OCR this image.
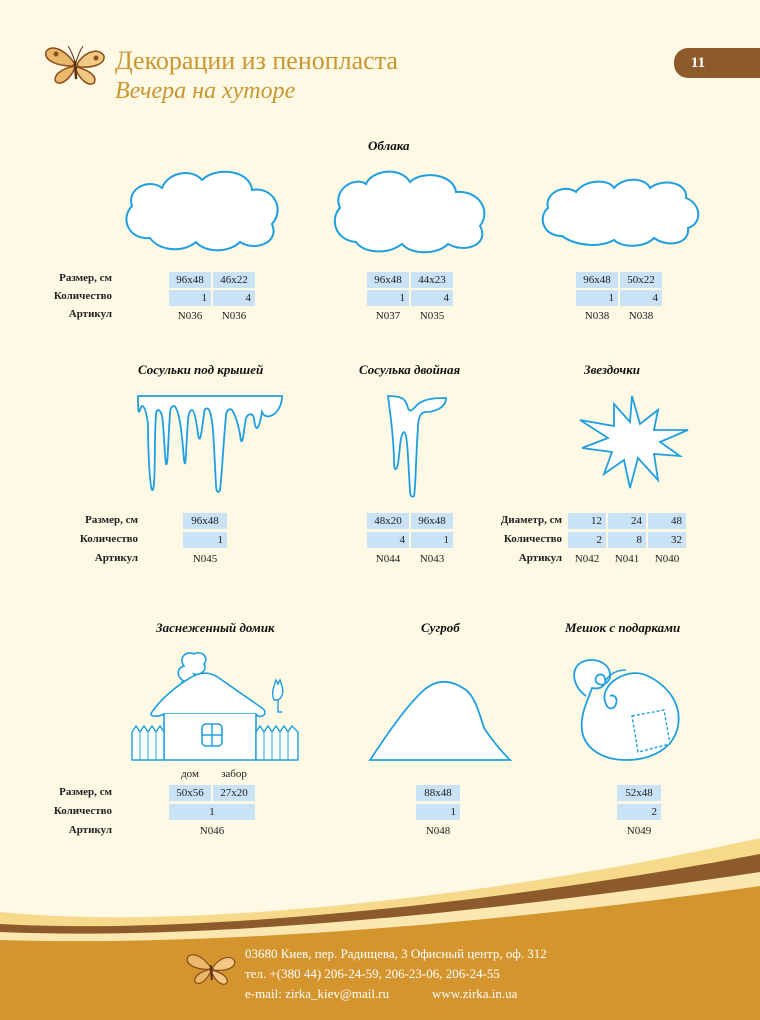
Декорации из пенопласта
Вечера на хуторе
11
Облака
Размер, см
Количество
Артикул
96x48	46x22
1	4
N036	N036
96x48	44x23
1	4
N037	N035
96x48	50x22
1	4
N038	N038
Сосульки под крышей	Сосулька двойная	Звездочки
Размер, см
Количество
Артикул
96x48
1
N045
48x20	96x48
4	1
N044	N043
Диаметр, см
Количество
Артикул
12	24	48
2	8	32
N042	N041	N040
Заснеженный домик	Сугроб	Мешок с подарками
дом	забор
Размер, см
Количество
Артикул
50x56	27x20
1
N046
88x48
1
N048
52x48
2
N049
03680 Киев, пер. Радищева, 3 Офисный центр, оф. 312
тел. +(380 44) 206-24-59, 206-23-06, 206-24-55
e-mail: zirka_kiev@mail.ru	www.zirka.in.ua
